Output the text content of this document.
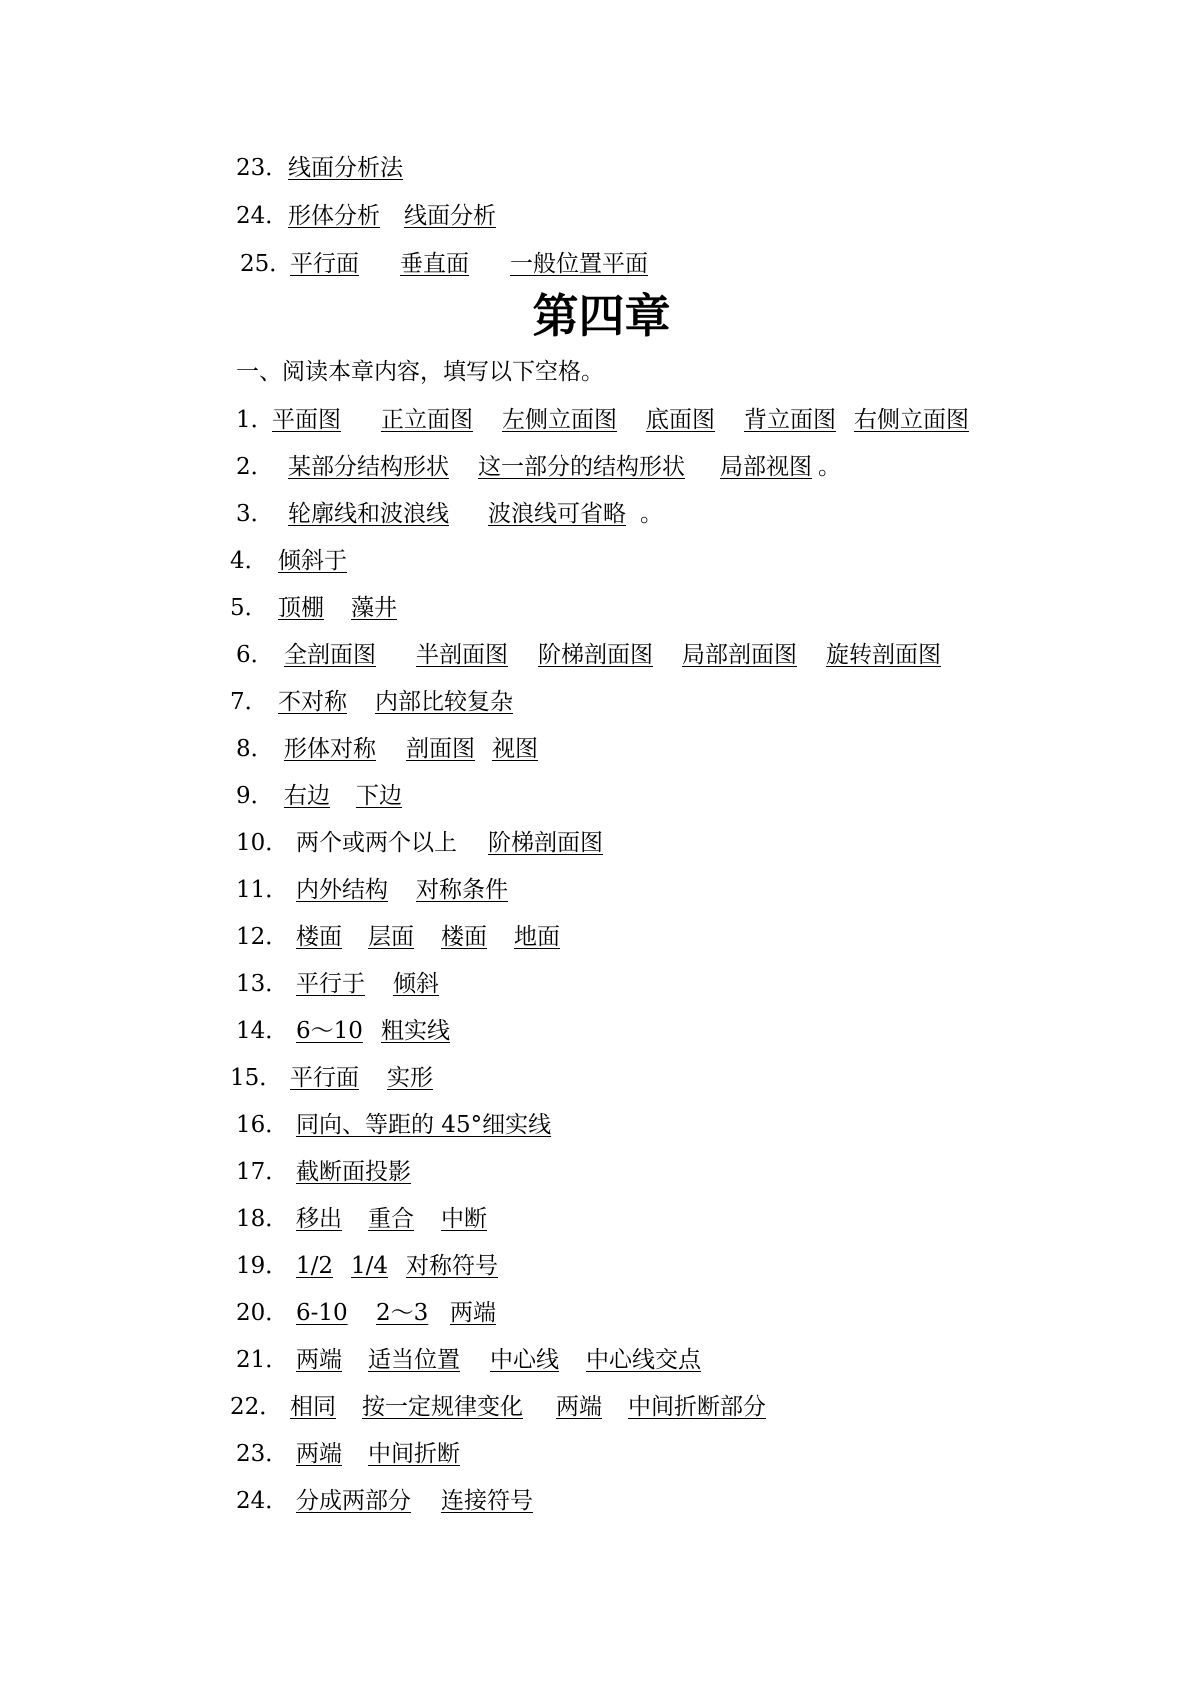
23． 线面分析法
24． 形体分析 线面分析
25．
平行面 垂直面 一般位置平面
第四章
一、阅读本章内容，填写以下空格。
1．
平面图 正立面图 左侧立面图 底面图 背立面图 右侧立面图
2． 某部分结构形状 这一部分的结构形状 局部视图 。
3． 轮廓线和波浪线 波浪线可省略 。
4． 倾斜于
5． 顶棚 藻井
6． 全剖面图 半剖面图 阶梯剖面图 局部剖面图 旋转剖面图
7． 不对称 内部比较复杂
8． 形体对称 剖面图 视图
9． 右边 下边
10． 两个或两个以上 阶梯剖面图
11． 内外结构 对称条件
12． 楼面 层面 楼面 地面
13． 平行于 倾斜
14． 6～10 粗实线
15． 平行面 实形
16． 同向、等距的 45°细实线
17． 截断面投影
18． 移出 重合 中断
19． 1/2 1/4 对称符号
20． 6-10 2～3 两端
21． 两端 适当位置 中心线 中心线交点
22． 相同 按一定规律变化 两端 中间折断部分
23． 两端 中间折断
24． 分成两部分 连接符号
